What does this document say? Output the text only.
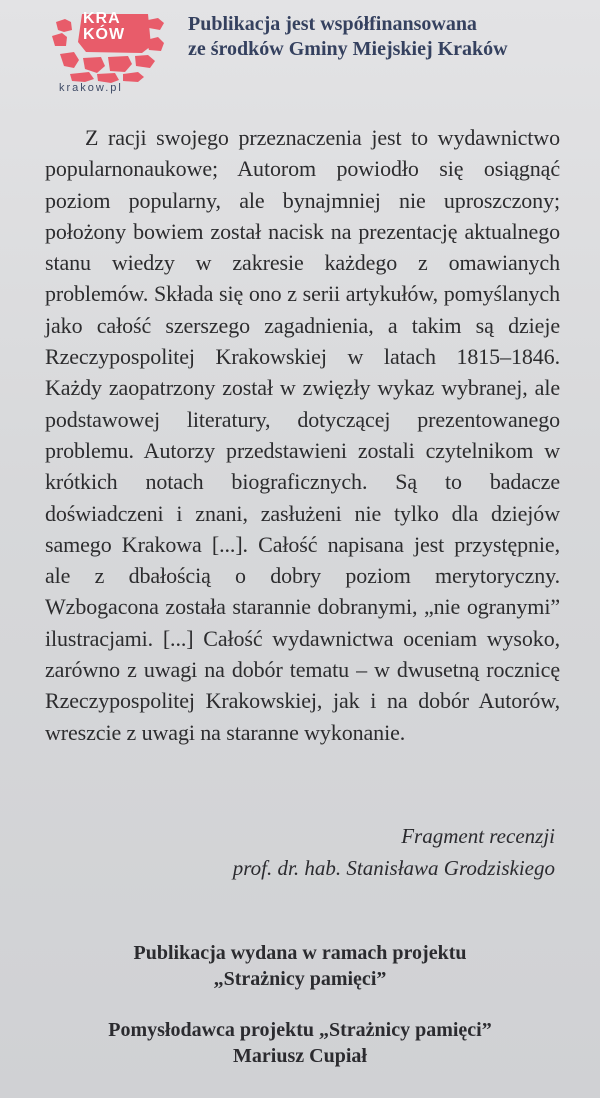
KRA
KÓW
krakow.pl
Publikacja jest współfinansowana
ze środków Gminy Miejskiej Kraków

Z racji swojego przeznaczenia jest to wydawnictwo popularnonaukowe; Autorom powiodło się osiągnąć poziom popularny, ale bynajmniej nie uproszczony; położony bowiem został nacisk na prezentację aktualnego stanu wiedzy w zakresie każdego z omawianych problemów. Składa się ono z serii artykułów, pomyślanych jako całość szerszego zagadnienia, a takim są dzieje Rzeczypospolitej Krakowskiej w latach 1815–1846. Każdy zaopatrzony został w zwięzły wykaz wybranej, ale podstawowej literatury, dotyczącej prezentowanego problemu. Autorzy przedstawieni zostali czytelnikom w krótkich notach biograficznych. Są to badacze doświadczeni i znani, zasłużeni nie tylko dla dziejów samego Krakowa [...]. Całość napisana jest przystępnie, ale z dbałością o dobry poziom merytoryczny. Wzbogacona została starannie dobranymi, „nie ogranymi” ilustracjami. [...] Całość wydawnictwa oceniam wysoko, zarówno z uwagi na dobór tematu – w dwusetną rocznicę Rzeczypospolitej Krakowskiej, jak i na dobór Autorów, wreszcie z uwagi na staranne wykonanie.

Fragment recenzji
prof. dr. hab. Stanisława Grodziskiego
Publikacja wydana w ramach projektu
„Strażnicy pamięci”
Pomysłodawca projektu „Strażnicy pamięci”
Mariusz Cupiał
